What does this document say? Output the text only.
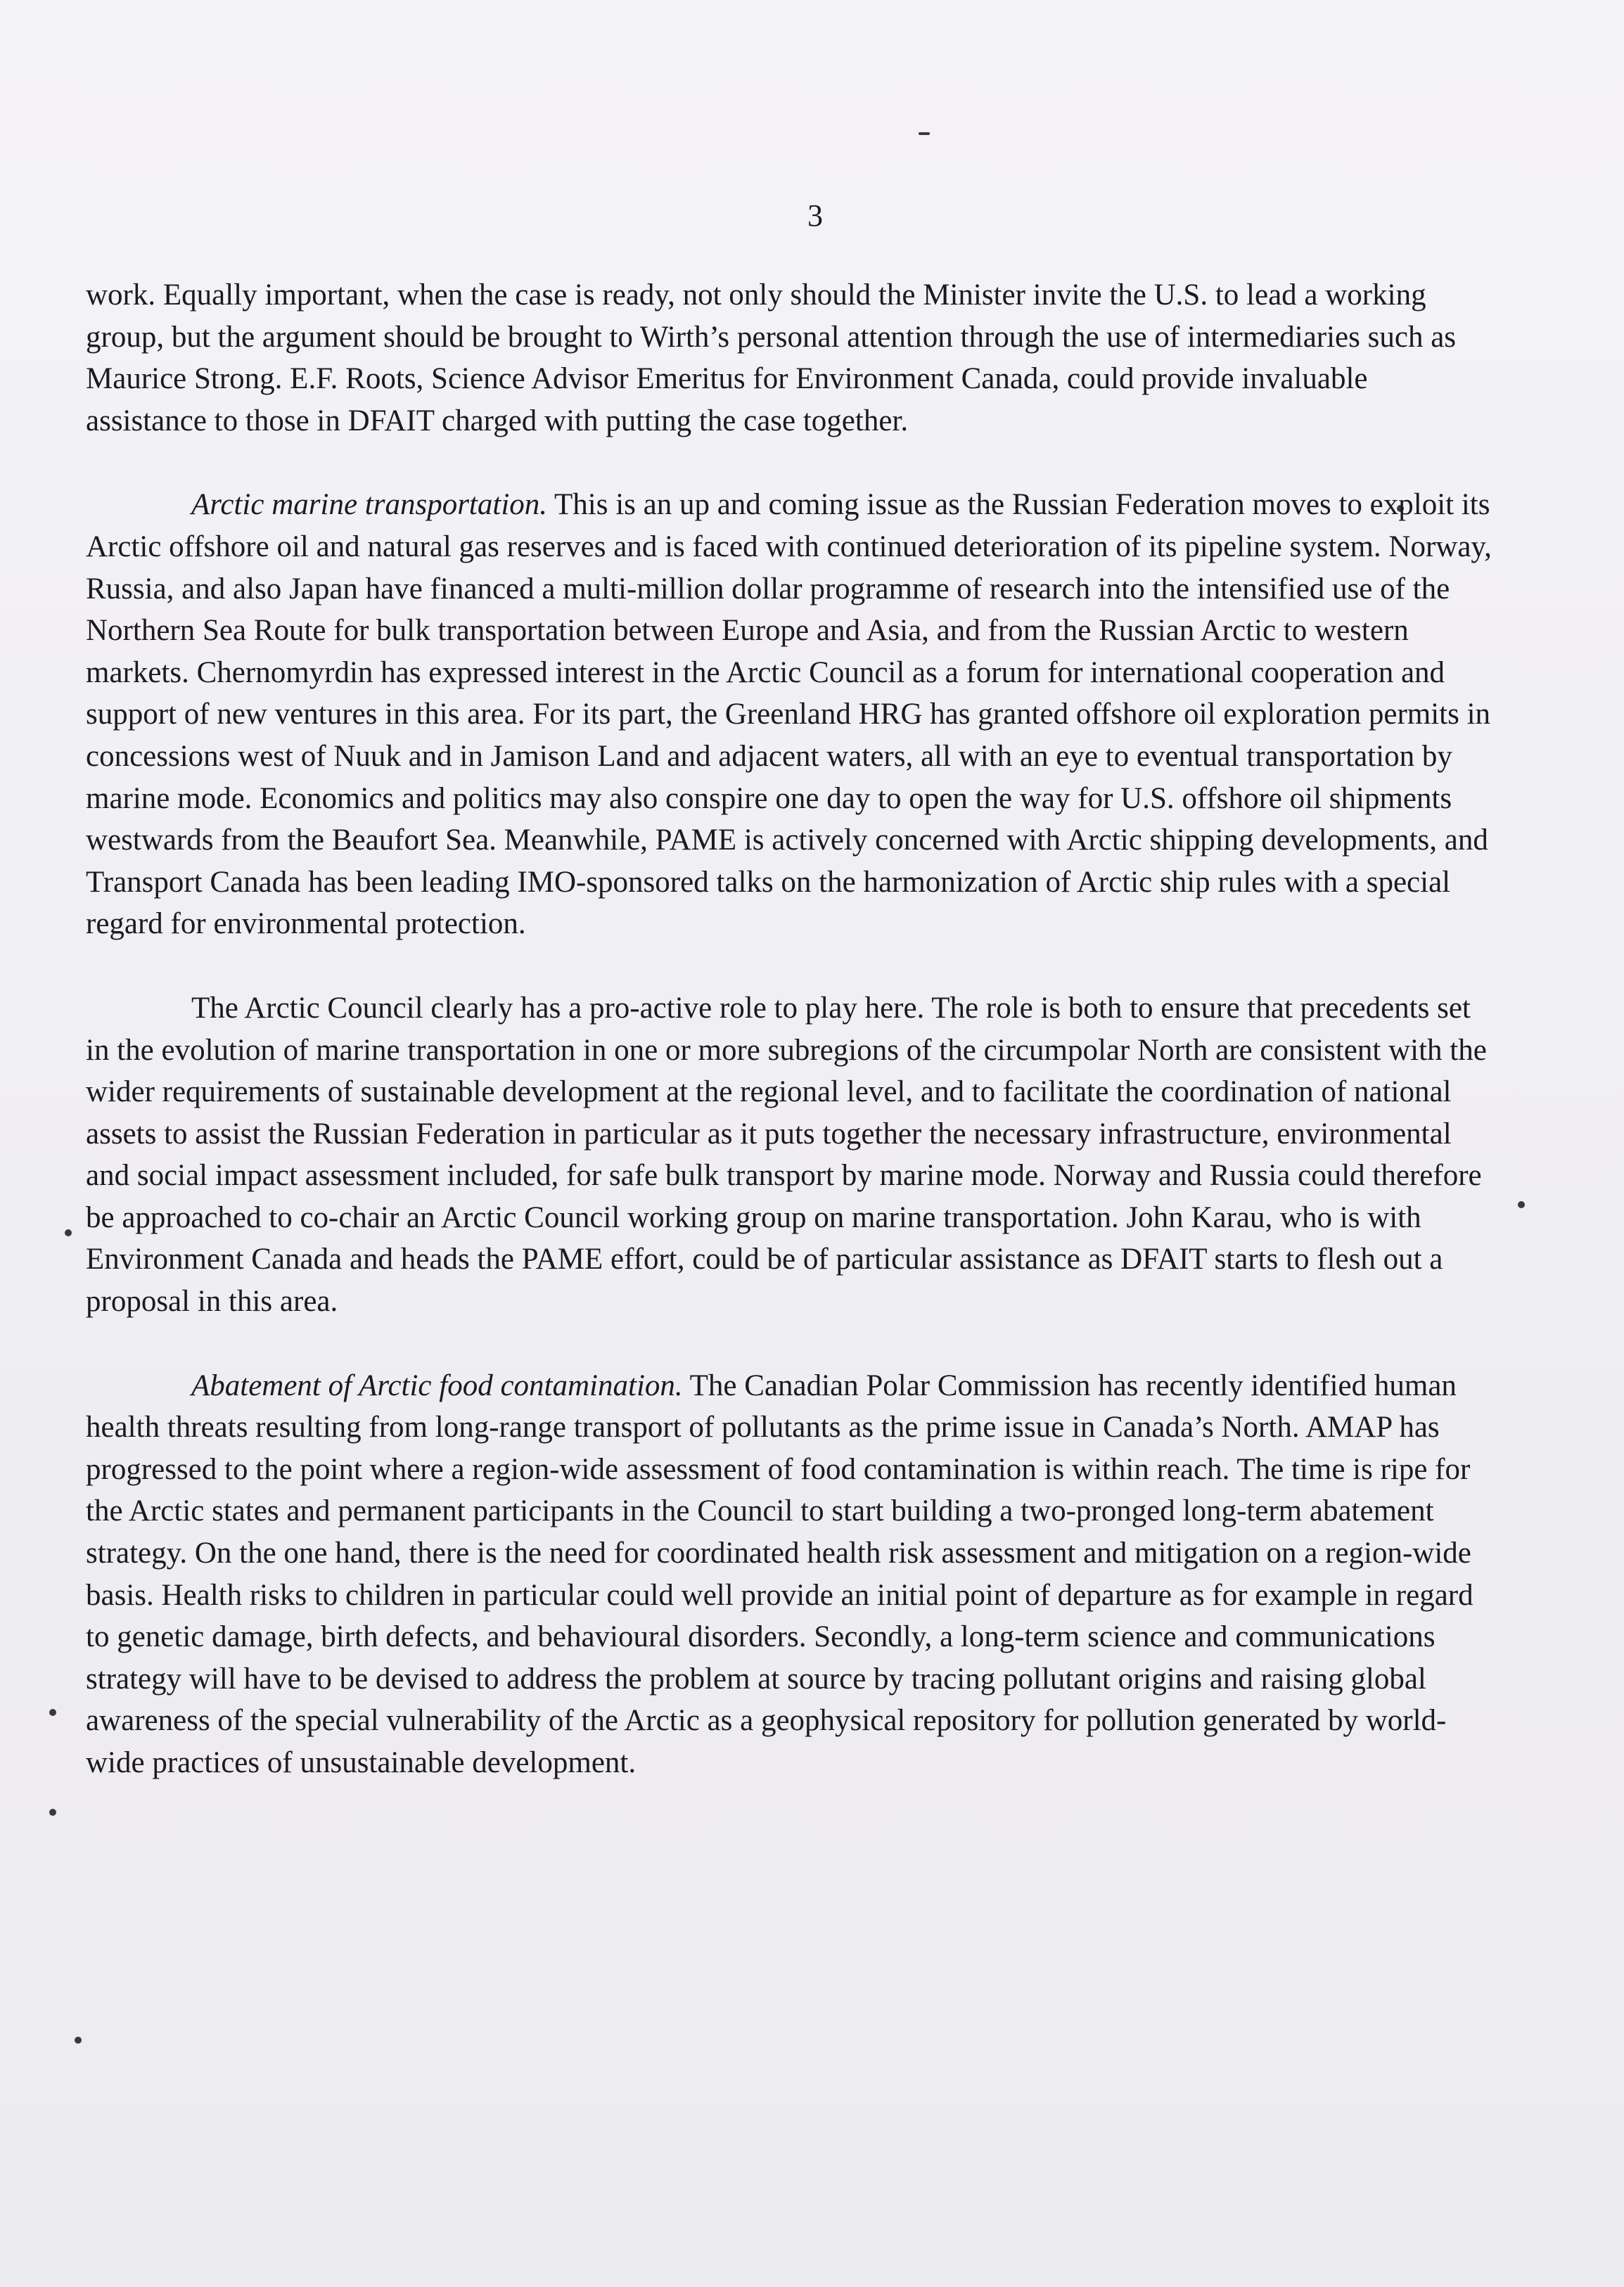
3

work. Equally important, when the case is ready, not only should the Minister invite the U.S. to lead a working group, but the argument should be brought to Wirth’s personal attention through the use of intermediaries such as Maurice Strong. E.F. Roots, Science Advisor Emeritus for Environment Canada, could provide invaluable assistance to those in DFAIT charged with putting the case together.

Arctic marine transportation. This is an up and coming issue as the Russian Federation moves to exploit its Arctic offshore oil and natural gas reserves and is faced with continued deterioration of its pipeline system. Norway, Russia, and also Japan have financed a multi-million dollar programme of research into the intensified use of the Northern Sea Route for bulk transportation between Europe and Asia, and from the Russian Arctic to western markets. Chernomyrdin has expressed interest in the Arctic Council as a forum for international cooperation and support of new ventures in this area. For its part, the Greenland HRG has granted offshore oil exploration permits in concessions west of Nuuk and in Jamison Land and adjacent waters, all with an eye to eventual transportation by marine mode. Economics and politics may also conspire one day to open the way for U.S. offshore oil shipments westwards from the Beaufort Sea. Meanwhile, PAME is actively concerned with Arctic shipping developments, and Transport Canada has been leading IMO-sponsored talks on the harmonization of Arctic ship rules with a special regard for environmental protection.

The Arctic Council clearly has a pro-active role to play here. The role is both to ensure that precedents set in the evolution of marine transportation in one or more subregions of the circumpolar North are consistent with the wider requirements of sustainable development at the regional level, and to facilitate the coordination of national assets to assist the Russian Federation in particular as it puts together the necessary infrastructure, environmental and social impact assessment included, for safe bulk transport by marine mode. Norway and Russia could therefore be approached to co-chair an Arctic Council working group on marine transportation. John Karau, who is with Environment Canada and heads the PAME effort, could be of particular assistance as DFAIT starts to flesh out a proposal in this area.

Abatement of Arctic food contamination. The Canadian Polar Commission has recently identified human health threats resulting from long-range transport of pollutants as the prime issue in Canada’s North. AMAP has progressed to the point where a region-wide assessment of food contamination is within reach. The time is ripe for the Arctic states and permanent participants in the Council to start building a two-pronged long-term abatement strategy. On the one hand, there is the need for coordinated health risk assessment and mitigation on a region-wide basis. Health risks to children in particular could well provide an initial point of departure as for example in regard to genetic damage, birth defects, and behavioural disorders. Secondly, a long-term science and communications strategy will have to be devised to address the problem at source by tracing pollutant origins and raising global awareness of the special vulnerability of the Arctic as a geophysical repository for pollution generated by world-wide practices of unsustainable development.
